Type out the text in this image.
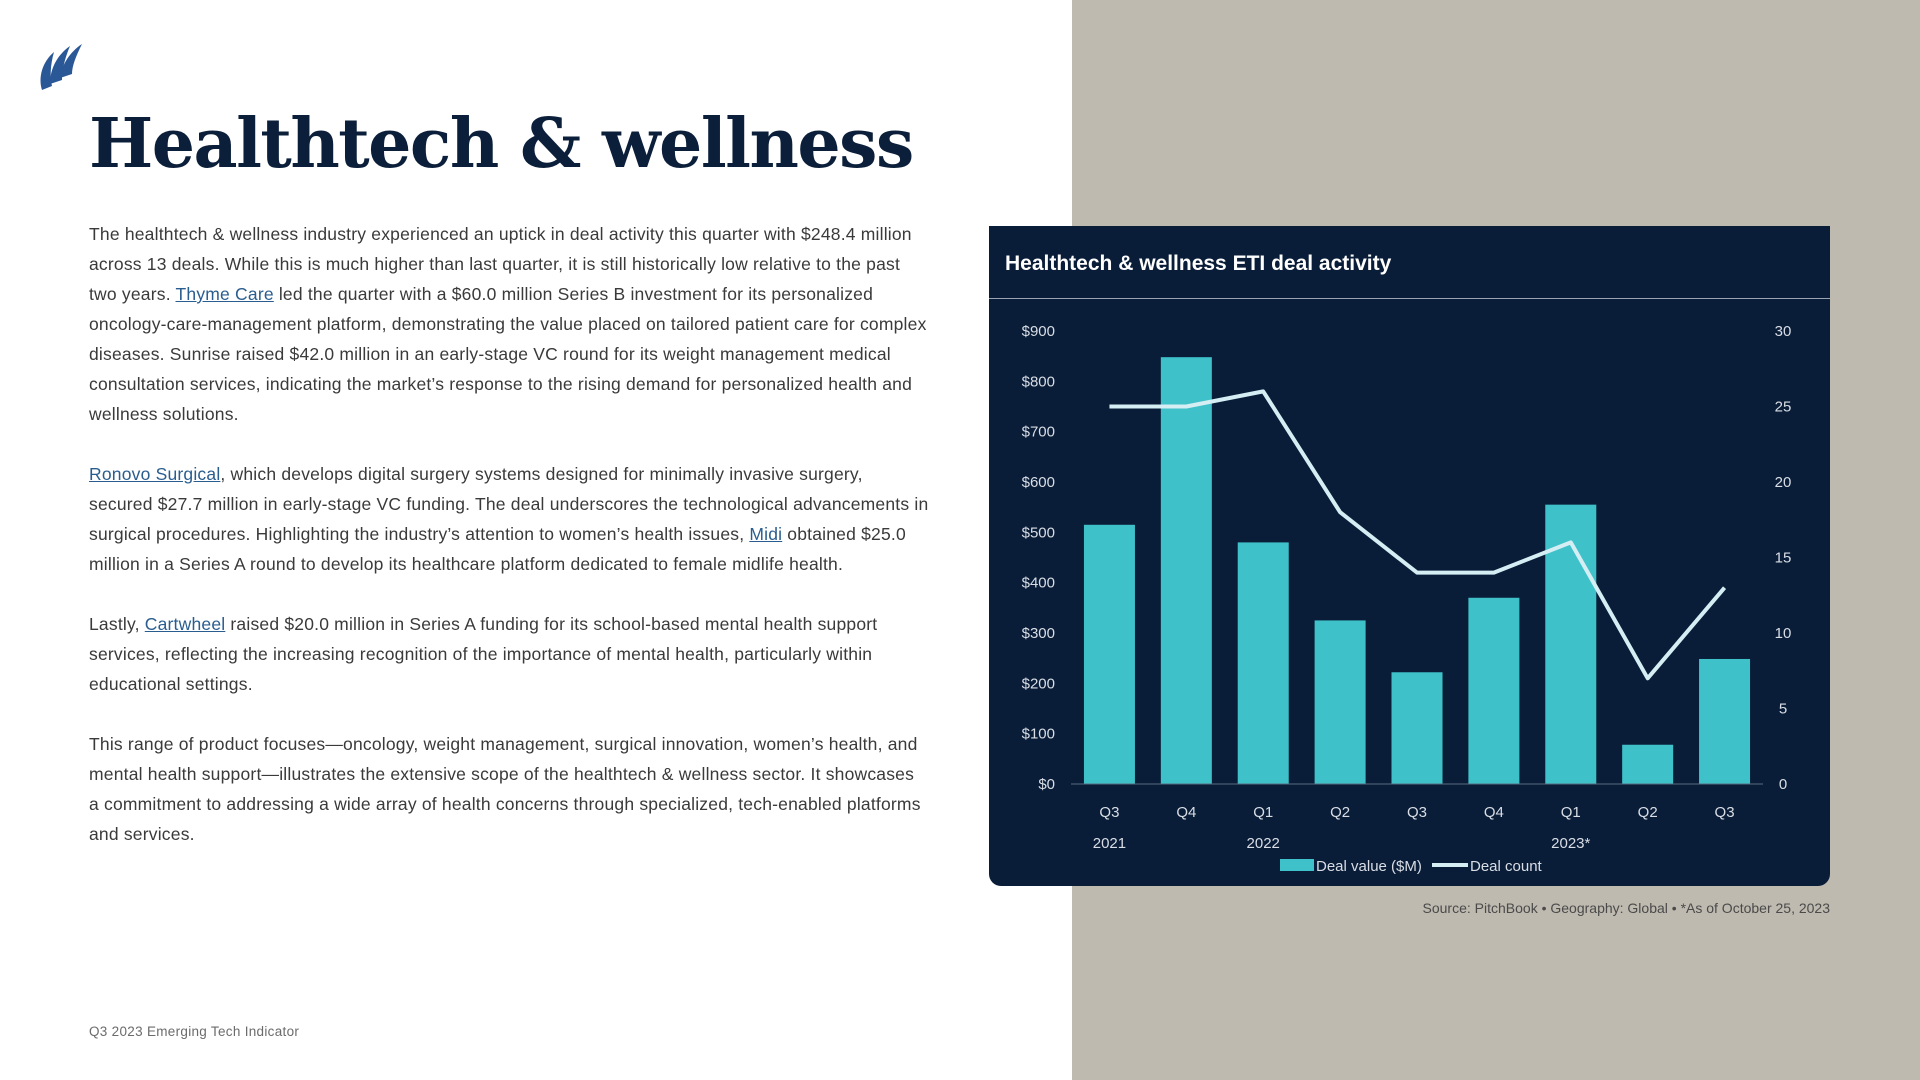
Healthtech & wellness

The healthtech & wellness industry experienced an uptick in deal activity this quarter with $248.4 million across 13 deals. While this is much higher than last quarter, it is still historically low relative to the past two years. Thyme Care led the quarter with a $60.0 million Series B investment for its personalized oncology-care-management platform, demonstrating the value placed on tailored patient care for complex diseases. Sunrise raised $42.0 million in an early-stage VC round for its weight management medical consultation services, indicating the market’s response to the rising demand for personalized health and wellness solutions.

Ronovo Surgical, which develops digital surgery systems designed for minimally invasive surgery, secured $27.7 million in early-stage VC funding. The deal underscores the technological advancements in surgical procedures. Highlighting the industry’s attention to women’s health issues, Midi obtained $25.0 million in a Series A round to develop its healthcare platform dedicated to female midlife health.

Lastly, Cartwheel raised $20.0 million in Series A funding for its school-based mental health support services, reflecting the increasing recognition of the importance of mental health, particularly within educational settings.

This range of product focuses—oncology, weight management, surgical innovation, women’s health, and mental health support—illustrates the extensive scope of the healthtech & wellness sector. It showcases a commitment to addressing a wide array of health concerns through specialized, tech-enabled platforms and services.

Q3 2023 Emerging Tech Indicator
Healthtech & wellness ETI deal activity
$0
$100
$200
$300
$400
$500
$600
$700
$800
$900
0
5
10
15
20
25
30
Q3	Q4	Q1	Q2	Q3	Q4	Q1	Q2	Q3
2021	2022	2023*
Deal value ($M)	Deal count
Source: PitchBook • Geography: Global • *As of October 25, 2023
